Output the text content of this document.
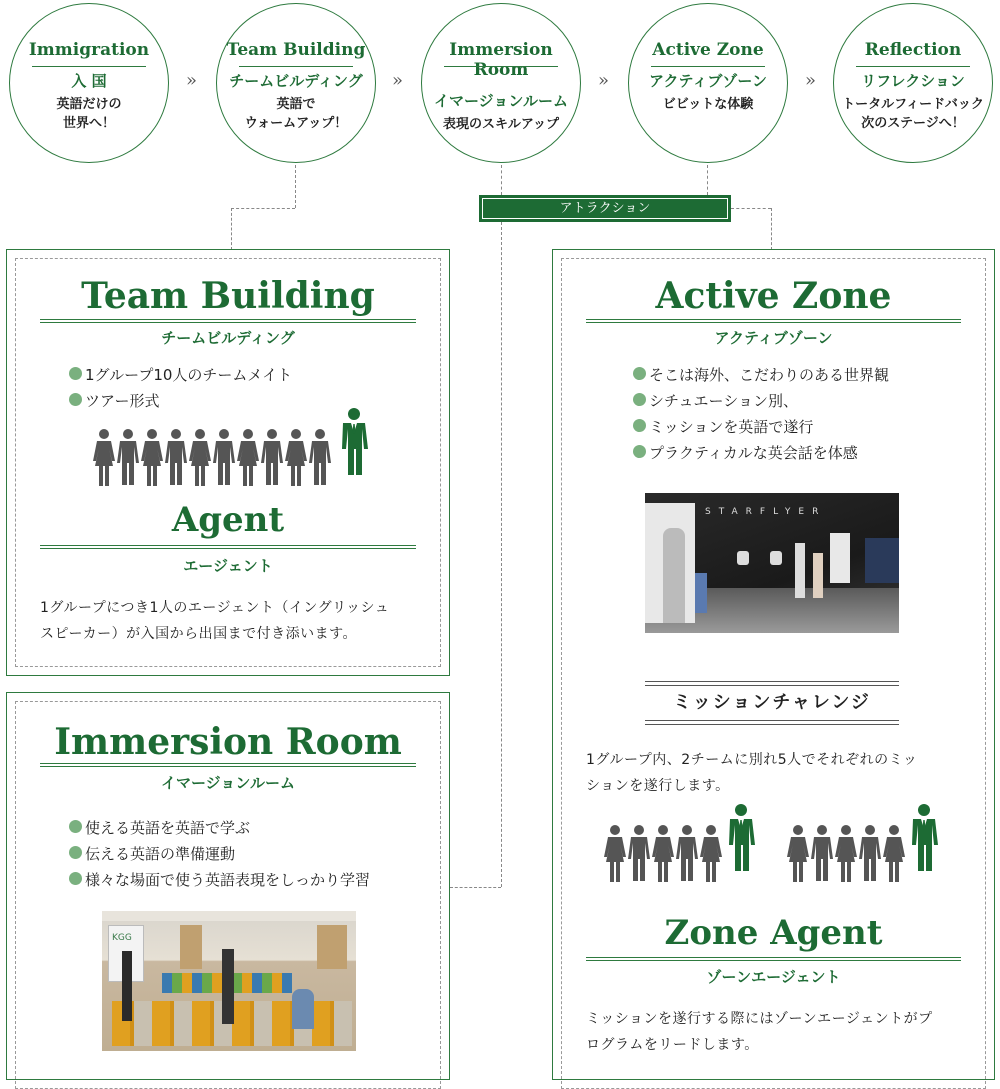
Immigration
入 国
英語だけの
世界へ！
Team Building
チームビルディング
英語で
ウォームアップ！
Immersion Room
イマージョンルーム
表現のスキルアップ
Active Zone
アクティブゾーン
ビビットな体験
Reflection
リフレクション
トータルフィードバック
次のステージへ！
»	»	»	»
アトラクション
Team Building
チームビルディング
1グループ10人のチームメイト
ツアー形式
Agent
エージェント
1グループにつき1人のエージェント（イングリッシュ
スピーカー）が入国から出国まで付き添います。
Immersion Room
イマージョンルーム
使える英語を英語で学ぶ
伝える英語の準備運動
様々な場面で使う英語表現をしっかり学習
KGG
Active Zone
アクティブゾーン
そこは海外、こだわりのある世界観
シチュエーション別、
ミッションを英語で遂行
プラクティカルな英会話を体感
STARFLYER
ミッションチャレンジ
1グループ内、2チームに別れ5人でそれぞれのミッ
ションを遂行します。
Zone Agent
ゾーンエージェント
ミッションを遂行する際にはゾーンエージェントがプ
ログラムをリードします。
